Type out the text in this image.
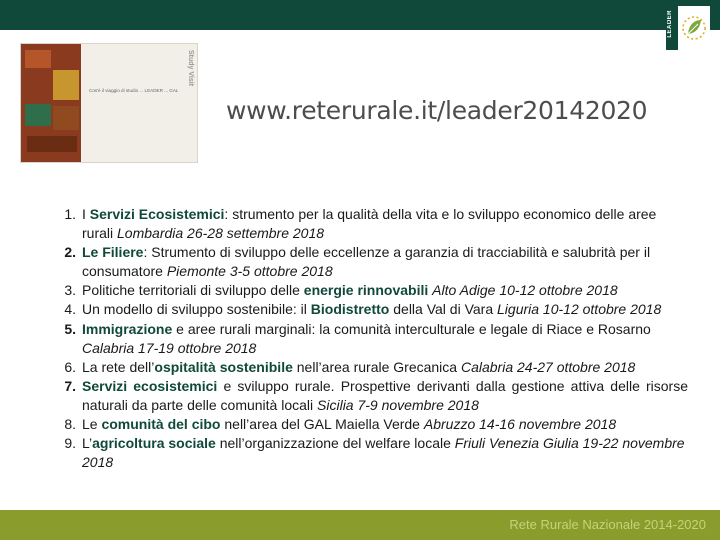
LEADER
Cos'è il viaggio di studio ... LEADER ... GAL
Study Visit
www.reterurale.it/leader20142020
1. I Servizi Ecosistemici: strumento per la qualità della vita e lo sviluppo economico delle aree rurali Lombardia 26-28 settembre 2018
2. Le Filiere: Strumento di sviluppo delle eccellenze a garanzia di tracciabilità e salubrità per il consumatore Piemonte 3-5 ottobre 2018
3. Politiche territoriali di sviluppo delle energie rinnovabili Alto Adige 10-12 ottobre 2018
4. Un modello di sviluppo sostenibile: il Biodistretto della Val di Vara Liguria 10-12 ottobre 2018
5. Immigrazione e aree rurali marginali: la comunità interculturale e legale di Riace e Rosarno Calabria 17-19 ottobre 2018
6. La rete dell’ospitalità sostenibile nell’area rurale Grecanica Calabria 24-27 ottobre 2018
7. Servizi ecosistemici e sviluppo rurale. Prospettive derivanti dalla gestione attiva delle risorse naturali da parte delle comunità locali Sicilia 7-9 novembre 2018
8. Le comunità del cibo nell’area del GAL Maiella Verde Abruzzo 14-16 novembre 2018
9. L’agricoltura sociale nell’organizzazione del welfare locale Friuli Venezia Giulia 19-22 novembre 2018
Rete Rurale Nazionale 2014-2020
